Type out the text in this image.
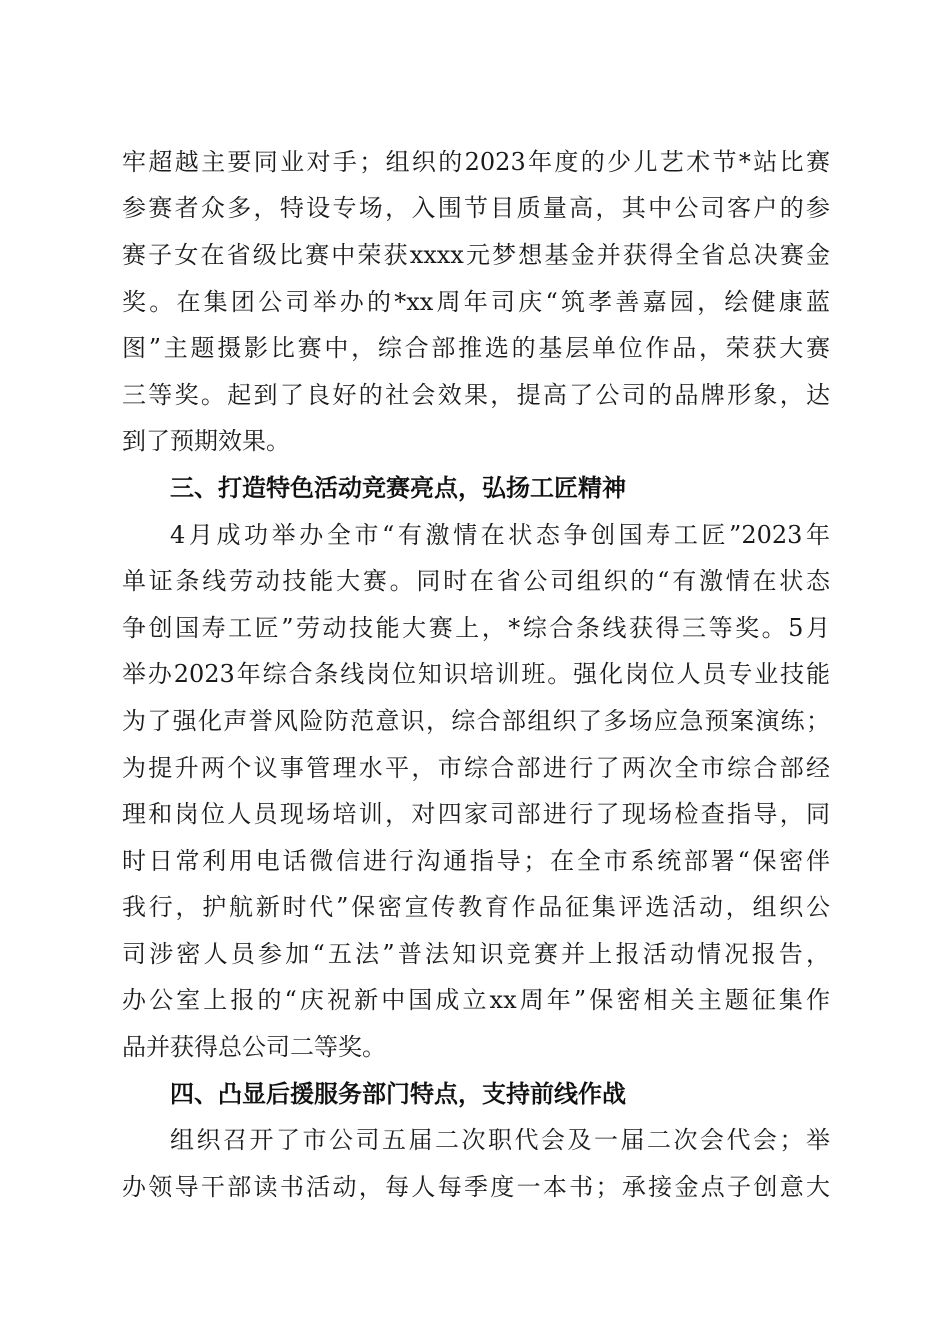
牢超越主要同业对手；组织的2023年度的少儿艺术节*站比赛
参赛者众多，特设专场，入围节目质量高，其中公司客户的参
赛子女在省级比赛中荣获xxxx元梦想基金并获得全省总决赛金
奖。在集团公司举办的*xx周年司庆“筑孝善嘉园，绘健康蓝
图”主题摄影比赛中，综合部推选的基层单位作品，荣获大赛
三等奖。起到了良好的社会效果，提高了公司的品牌形象，达
到了预期效果。
三、打造特色活动竞赛亮点，弘扬工匠精神
4月成功举办全市“有激情在状态争创国寿工匠”2023年
单证条线劳动技能大赛。同时在省公司组织的“有激情在状态
争创国寿工匠”劳动技能大赛上，*综合条线获得三等奖。5月
举办2023年综合条线岗位知识培训班。强化岗位人员专业技能
为了强化声誉风险防范意识，综合部组织了多场应急预案演练；
为提升两个议事管理水平，市综合部进行了两次全市综合部经
理和岗位人员现场培训，对四家司部进行了现场检查指导，同
时日常利用电话微信进行沟通指导；在全市系统部署“保密伴
我行，护航新时代”保密宣传教育作品征集评选活动，组织公
司涉密人员参加“五法”普法知识竞赛并上报活动情况报告，
办公室上报的“庆祝新中国成立xx周年”保密相关主题征集作
品并获得总公司二等奖。
四、凸显后援服务部门特点，支持前线作战
组织召开了市公司五届二次职代会及一届二次会代会；举
办领导干部读书活动，每人每季度一本书；承接金点子创意大
